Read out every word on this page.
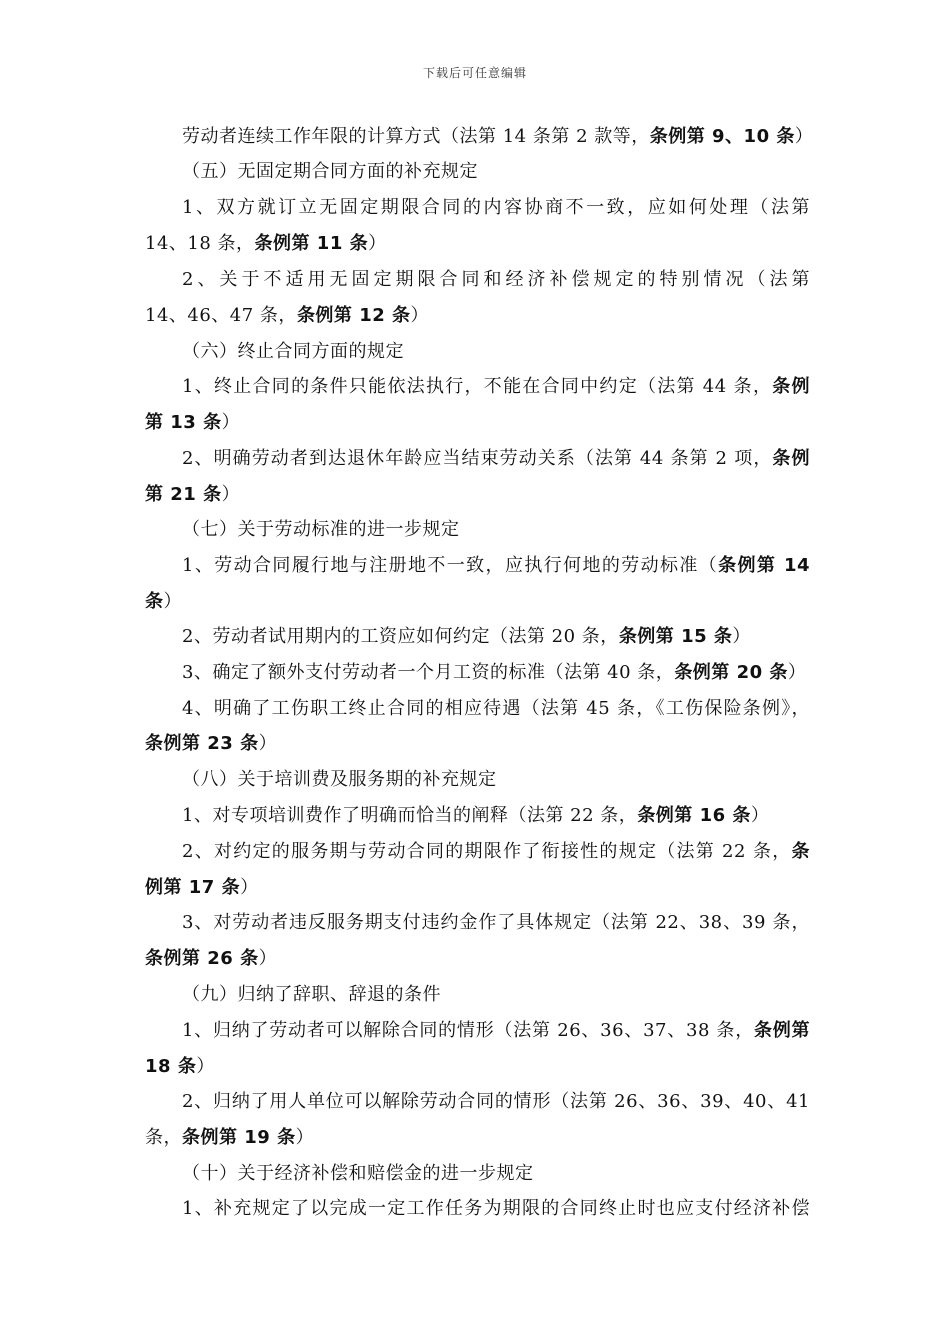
下载后可任意编辑
劳动者连续工作年限的计算方式（法第 14 条第 2 款等，条例第 9、10 条）
（五）无固定期合同方面的补充规定
1、双方就订立无固定期限合同的内容协商不一致，应如何处理（法第
14、18 条，条例第 11 条）
2、关于不适用无固定期限合同和经济补偿规定的特别情况（法第
14、46、47 条，条例第 12 条）
（六）终止合同方面的规定
1、终止合同的条件只能依法执行，不能在合同中约定（法第 44 条，条例
第 13 条）
2、明确劳动者到达退休年龄应当结束劳动关系（法第 44 条第 2 项，条例
第 21 条）
（七）关于劳动标准的进一步规定
1、劳动合同履行地与注册地不一致，应执行何地的劳动标准（条例第 14
条）
2、劳动者试用期内的工资应如何约定（法第 20 条，条例第 15 条）
3、确定了额外支付劳动者一个月工资的标准（法第 40 条，条例第 20 条）
4、明确了工伤职工终止合同的相应待遇（法第 45 条，《工伤保险条例》，
条例第 23 条）
（八）关于培训费及服务期的补充规定
1、对专项培训费作了明确而恰当的阐释（法第 22 条，条例第 16 条）
2、对约定的服务期与劳动合同的期限作了衔接性的规定（法第 22 条，条
例第 17 条）
3、对劳动者违反服务期支付违约金作了具体规定（法第 22、38、39 条，
条例第 26 条）
（九）归纳了辞职、辞退的条件
1、归纳了劳动者可以解除合同的情形（法第 26、36、37、38 条，条例第
18 条）
2、归纳了用人单位可以解除劳动合同的情形（法第 26、36、39、40、41
条，条例第 19 条）
（十）关于经济补偿和赔偿金的进一步规定
1、补充规定了以完成一定工作任务为期限的合同终止时也应支付经济补偿
